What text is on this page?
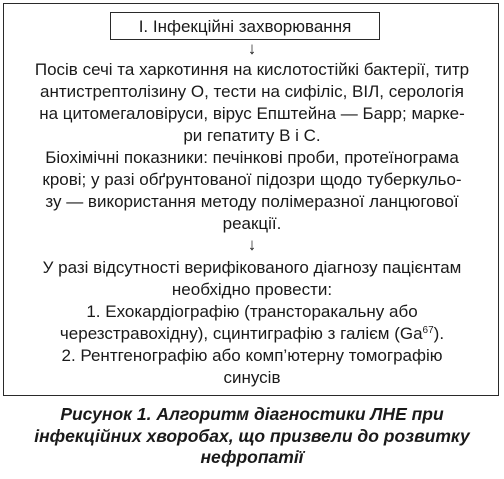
I. Інфекційні захворювання
↓
Посів сечі та харкотиння на кислотостійкі бактерії, титр
антистрептолізину О, тести на сифіліс, ВІЛ, серологія
на цитомегаловіруси, вірус Епштейна — Барр; марке-
ри гепатиту В і С.
Біохімічні показники: печінкові проби, протеїнограма
крові; у разі обґрунтованої підозри щодо туберкульо-
зу — використання методу полімеразної ланцюгової
реакції.
↓
У разі відсутності верифікованого діагнозу пацієнтам
необхідно провести:
1. Ехокардіографію (трансторакальну або
черезстравохідну), сцинтиграфію з галієм (Ga$^{67}$).
2. Рентгенографію або комп’ютерну томографію
синусів
Рисунок 1. Алгоритм діагностики ЛНЕ при
інфекційних хворобах, що призвели до розвитку
нефропатії
